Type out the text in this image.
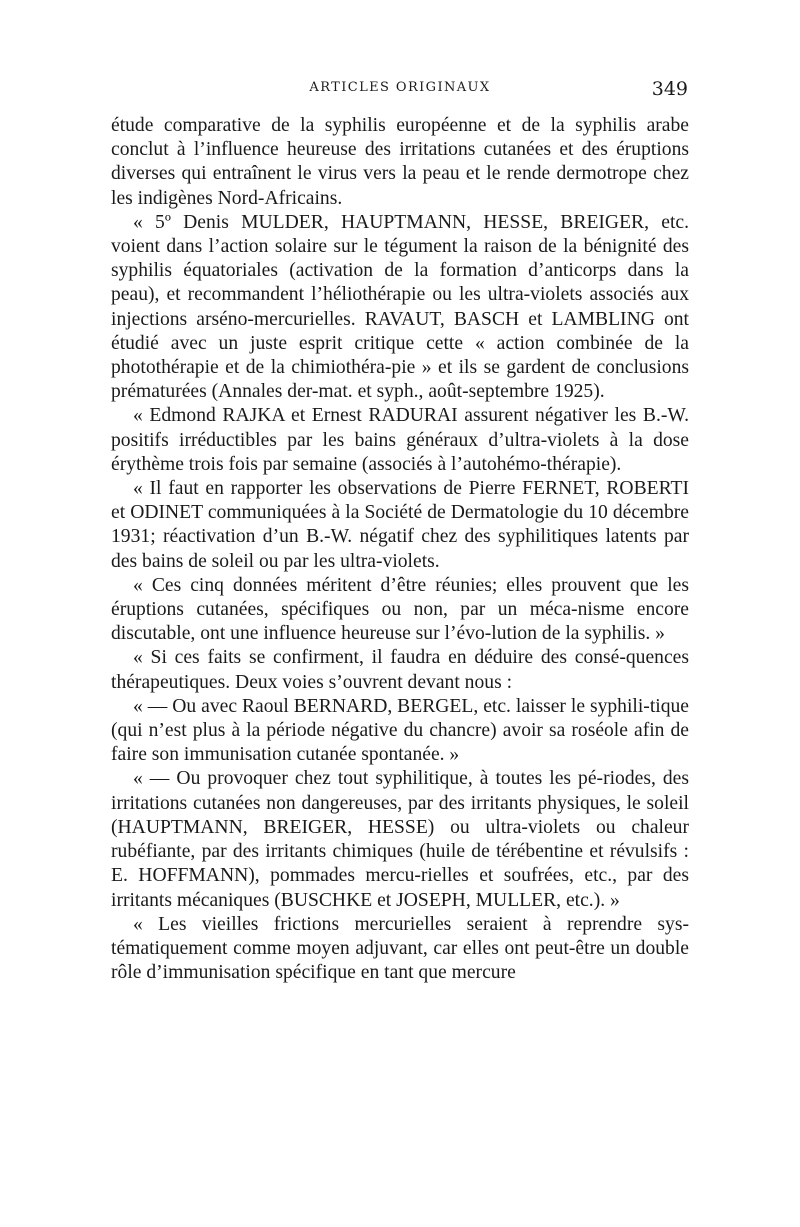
ARTICLES ORIGINAUX	349

étude comparative de la syphilis européenne et de la syphilis arabe conclut à l’influence heureuse des irritations cutanées et des éruptions diverses qui entraînent le virus vers la peau et le rende dermotrope chez les indigènes Nord-Africains.

« 5º Denis MULDER, HAUPTMANN, HESSE, BREIGER, etc. voient dans l’action solaire sur le tégument la raison de la bénignité des syphilis équatoriales (activation de la formation d’anticorps dans la peau), et recommandent l’héliothérapie ou les ultra-violets associés aux injections arséno-mercurielles. RAVAUT, BASCH et LAMBLING ont étudié avec un juste esprit critique cette « action combinée de la photothérapie et de la chimiothéra-pie » et ils se gardent de conclusions prématurées (Annales der-mat. et syph., août-septembre 1925).

« Edmond RAJKA et Ernest RADURAI assurent négativer les B.-W. positifs irréductibles par les bains généraux d’ultra-violets à la dose érythème trois fois par semaine (associés à l’autohémo-thérapie).

« Il faut en rapporter les observations de Pierre FERNET, ROBERTI et ODINET communiquées à la Société de Dermatologie du 10 décembre 1931; réactivation d’un B.-W. négatif chez des syphilitiques latents par des bains de soleil ou par les ultra-violets.

« Ces cinq données méritent d’être réunies; elles prouvent que les éruptions cutanées, spécifiques ou non, par un méca-nisme encore discutable, ont une influence heureuse sur l’évo-lution de la syphilis. »

« Si ces faits se confirment, il faudra en déduire des consé-quences thérapeutiques. Deux voies s’ouvrent devant nous :

« — Ou avec Raoul BERNARD, BERGEL, etc. laisser le syphili-tique (qui n’est plus à la période négative du chancre) avoir sa roséole afin de faire son immunisation cutanée spontanée. »

« — Ou provoquer chez tout syphilitique, à toutes les pé-riodes, des irritations cutanées non dangereuses, par des irritants physiques, le soleil (HAUPTMANN, BREIGER, HESSE) ou ultra-violets ou chaleur rubéfiante, par des irritants chimiques (huile de térébentine et révulsifs : E. HOFFMANN), pommades mercu-rielles et soufrées, etc., par des irritants mécaniques (BUSCHKE et JOSEPH, MULLER, etc.). »

« Les vieilles frictions mercurielles seraient à reprendre sys-tématiquement comme moyen adjuvant, car elles ont peut-être un double rôle d’immunisation spécifique en tant que mercure
